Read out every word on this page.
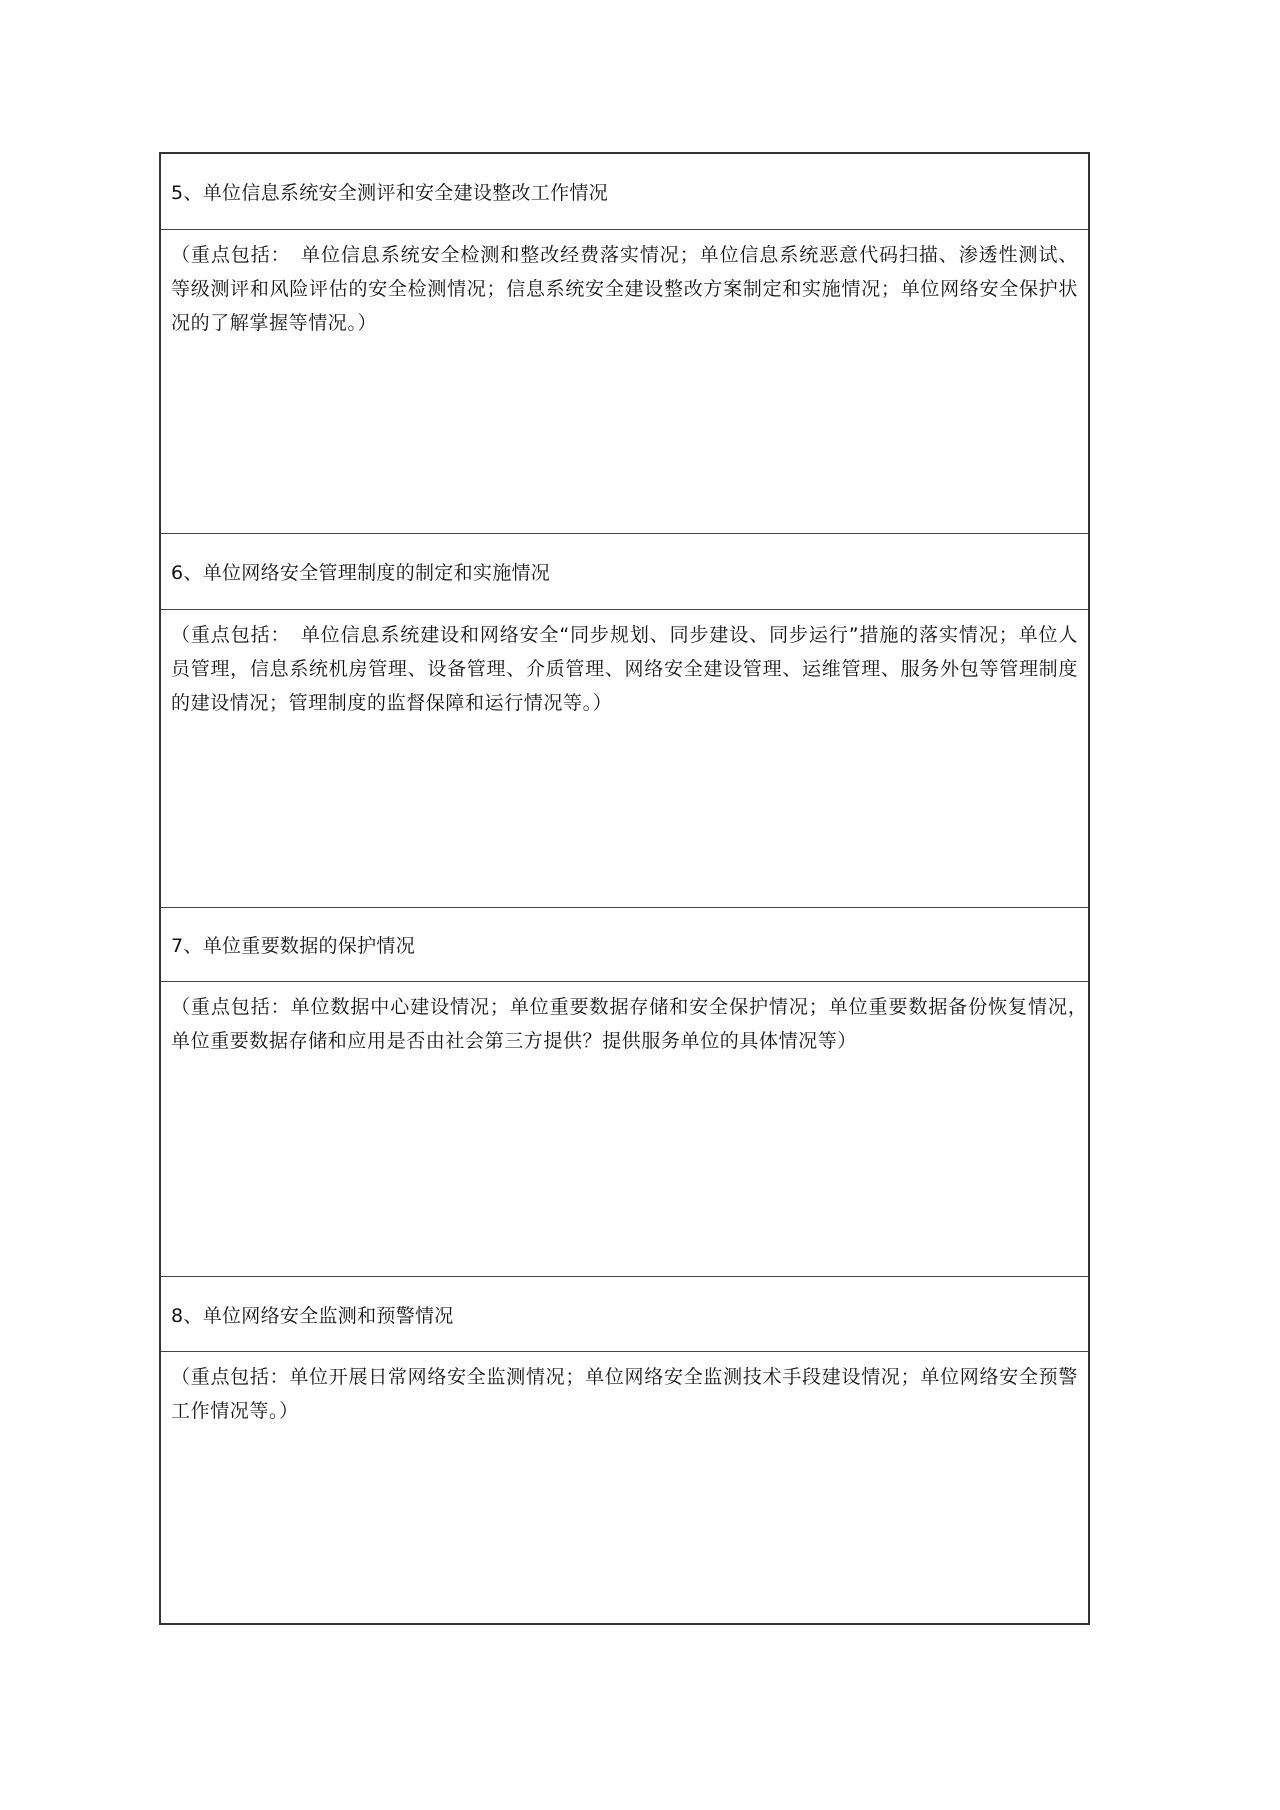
5、单位信息系统安全测评和安全建设整改工作情况
（重点包括：　单位信息系统安全检测和整改经费落实情况；单位信息系统恶意代码扫描、渗透性测试、等级测评和风险评估的安全检测情况；信息系统安全建设整改方案制定和实施情况；单位网络安全保护状况的了解掌握等情况。）
6、单位网络安全管理制度的制定和实施情况
（重点包括：　单位信息系统建设和网络安全“同步规划、同步建设、同步运行”措施的落实情况；单位人员管理，信息系统机房管理、设备管理、介质管理、网络安全建设管理、运维管理、服务外包等管理制度的建设情况；管理制度的监督保障和运行情况等。）
7、单位重要数据的保护情况
（重点包括：单位数据中心建设情况；单位重要数据存储和安全保护情况；单位重要数据备份恢复情况，　单位重要数据存储和应用是否由社会第三方提供？提供服务单位的具体情况等）
8、单位网络安全监测和预警情况
（重点包括：单位开展日常网络安全监测情况；单位网络安全监测技术手段建设情况；单位网络安全预警工作情况等。）
